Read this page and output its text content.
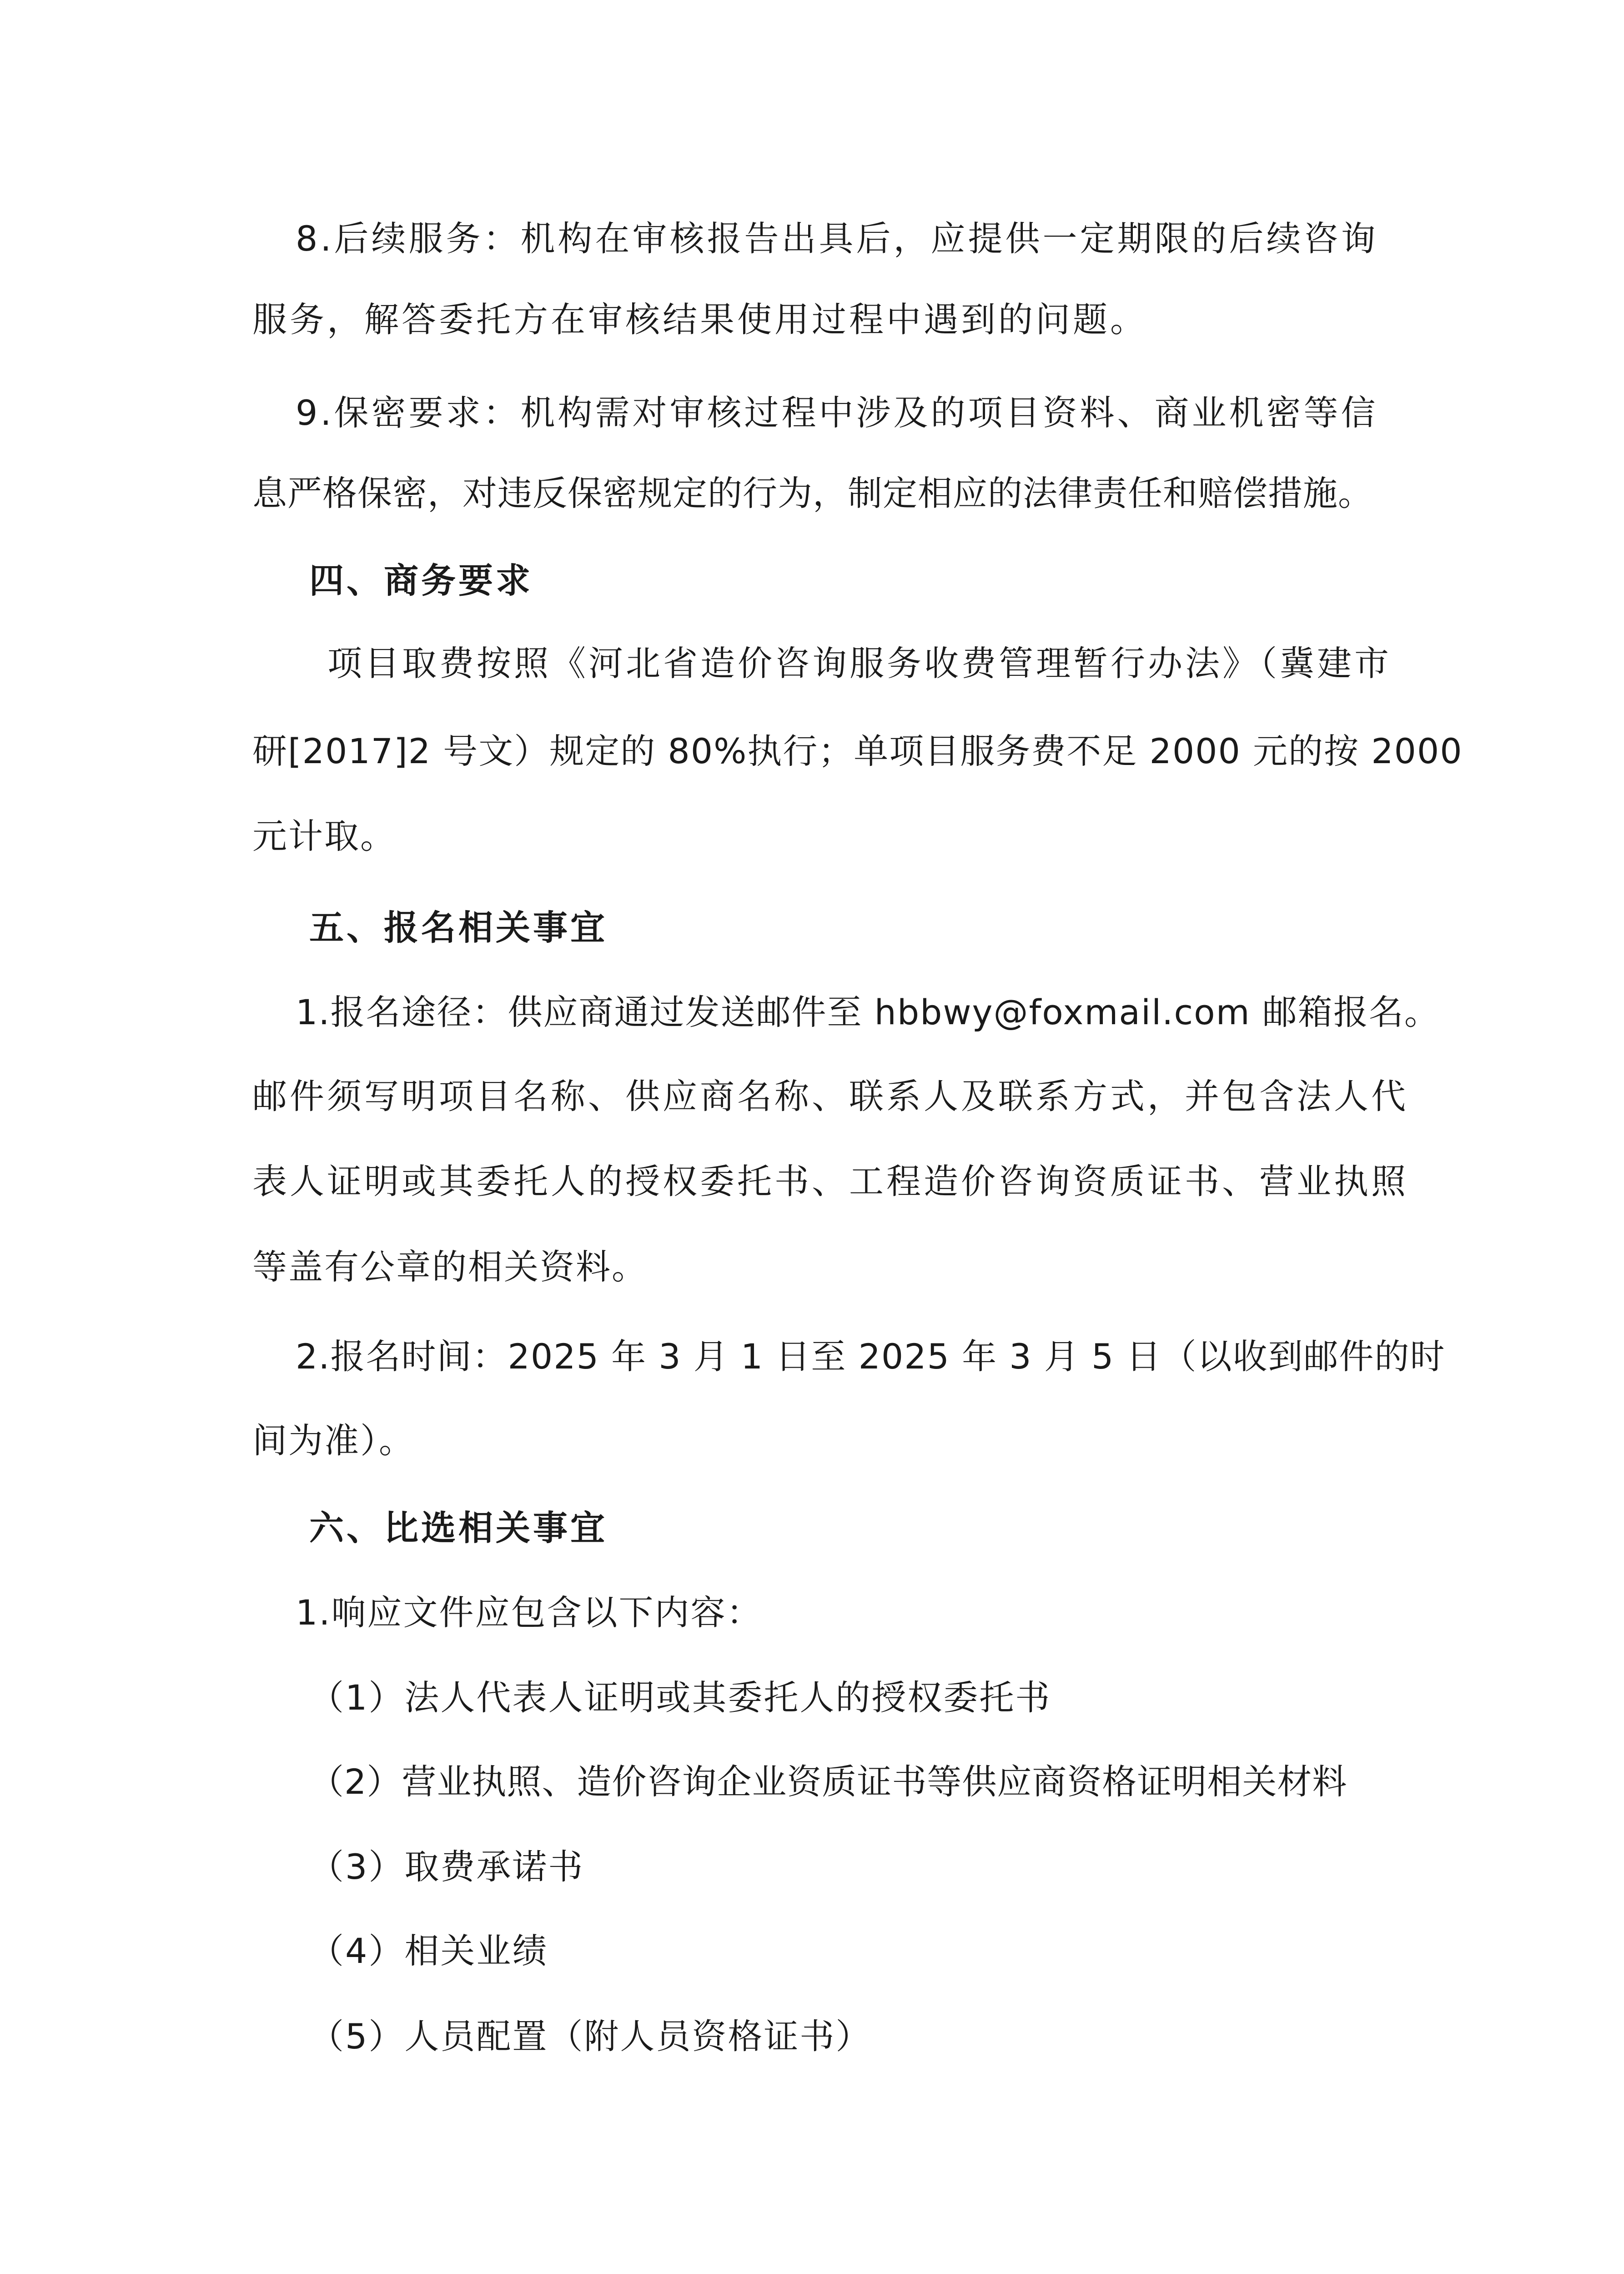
8.后续服务：机构在审核报告出具后，应提供一定期限的后续咨询

服务，解答委托方在审核结果使用过程中遇到的问题。

9.保密要求：机构需对审核过程中涉及的项目资料、商业机密等信

息严格保密，对违反保密规定的行为，制定相应的法律责任和赔偿措施。

四、商务要求

项目取费按照《河北省造价咨询服务收费管理暂行办法》（冀建市

研[2017]2 号文）规定的 80%执行；单项目服务费不足 2000 元的按 2000

元计取。

五、报名相关事宜

1.报名途径：供应商通过发送邮件至 hbbwy@foxmail.com 邮箱报名。

邮件须写明项目名称、供应商名称、联系人及联系方式，并包含法人代

表人证明或其委托人的授权委托书、工程造价咨询资质证书、营业执照

等盖有公章的相关资料。

2.报名时间：2025 年 3 月 1 日至 2025 年 3 月 5 日（以收到邮件的时

间为准）。

六、比选相关事宜

1.响应文件应包含以下内容：

（1）法人代表人证明或其委托人的授权委托书

（2）营业执照、造价咨询企业资质证书等供应商资格证明相关材料

（3）取费承诺书

（4）相关业绩

（5）人员配置（附人员资格证书）
